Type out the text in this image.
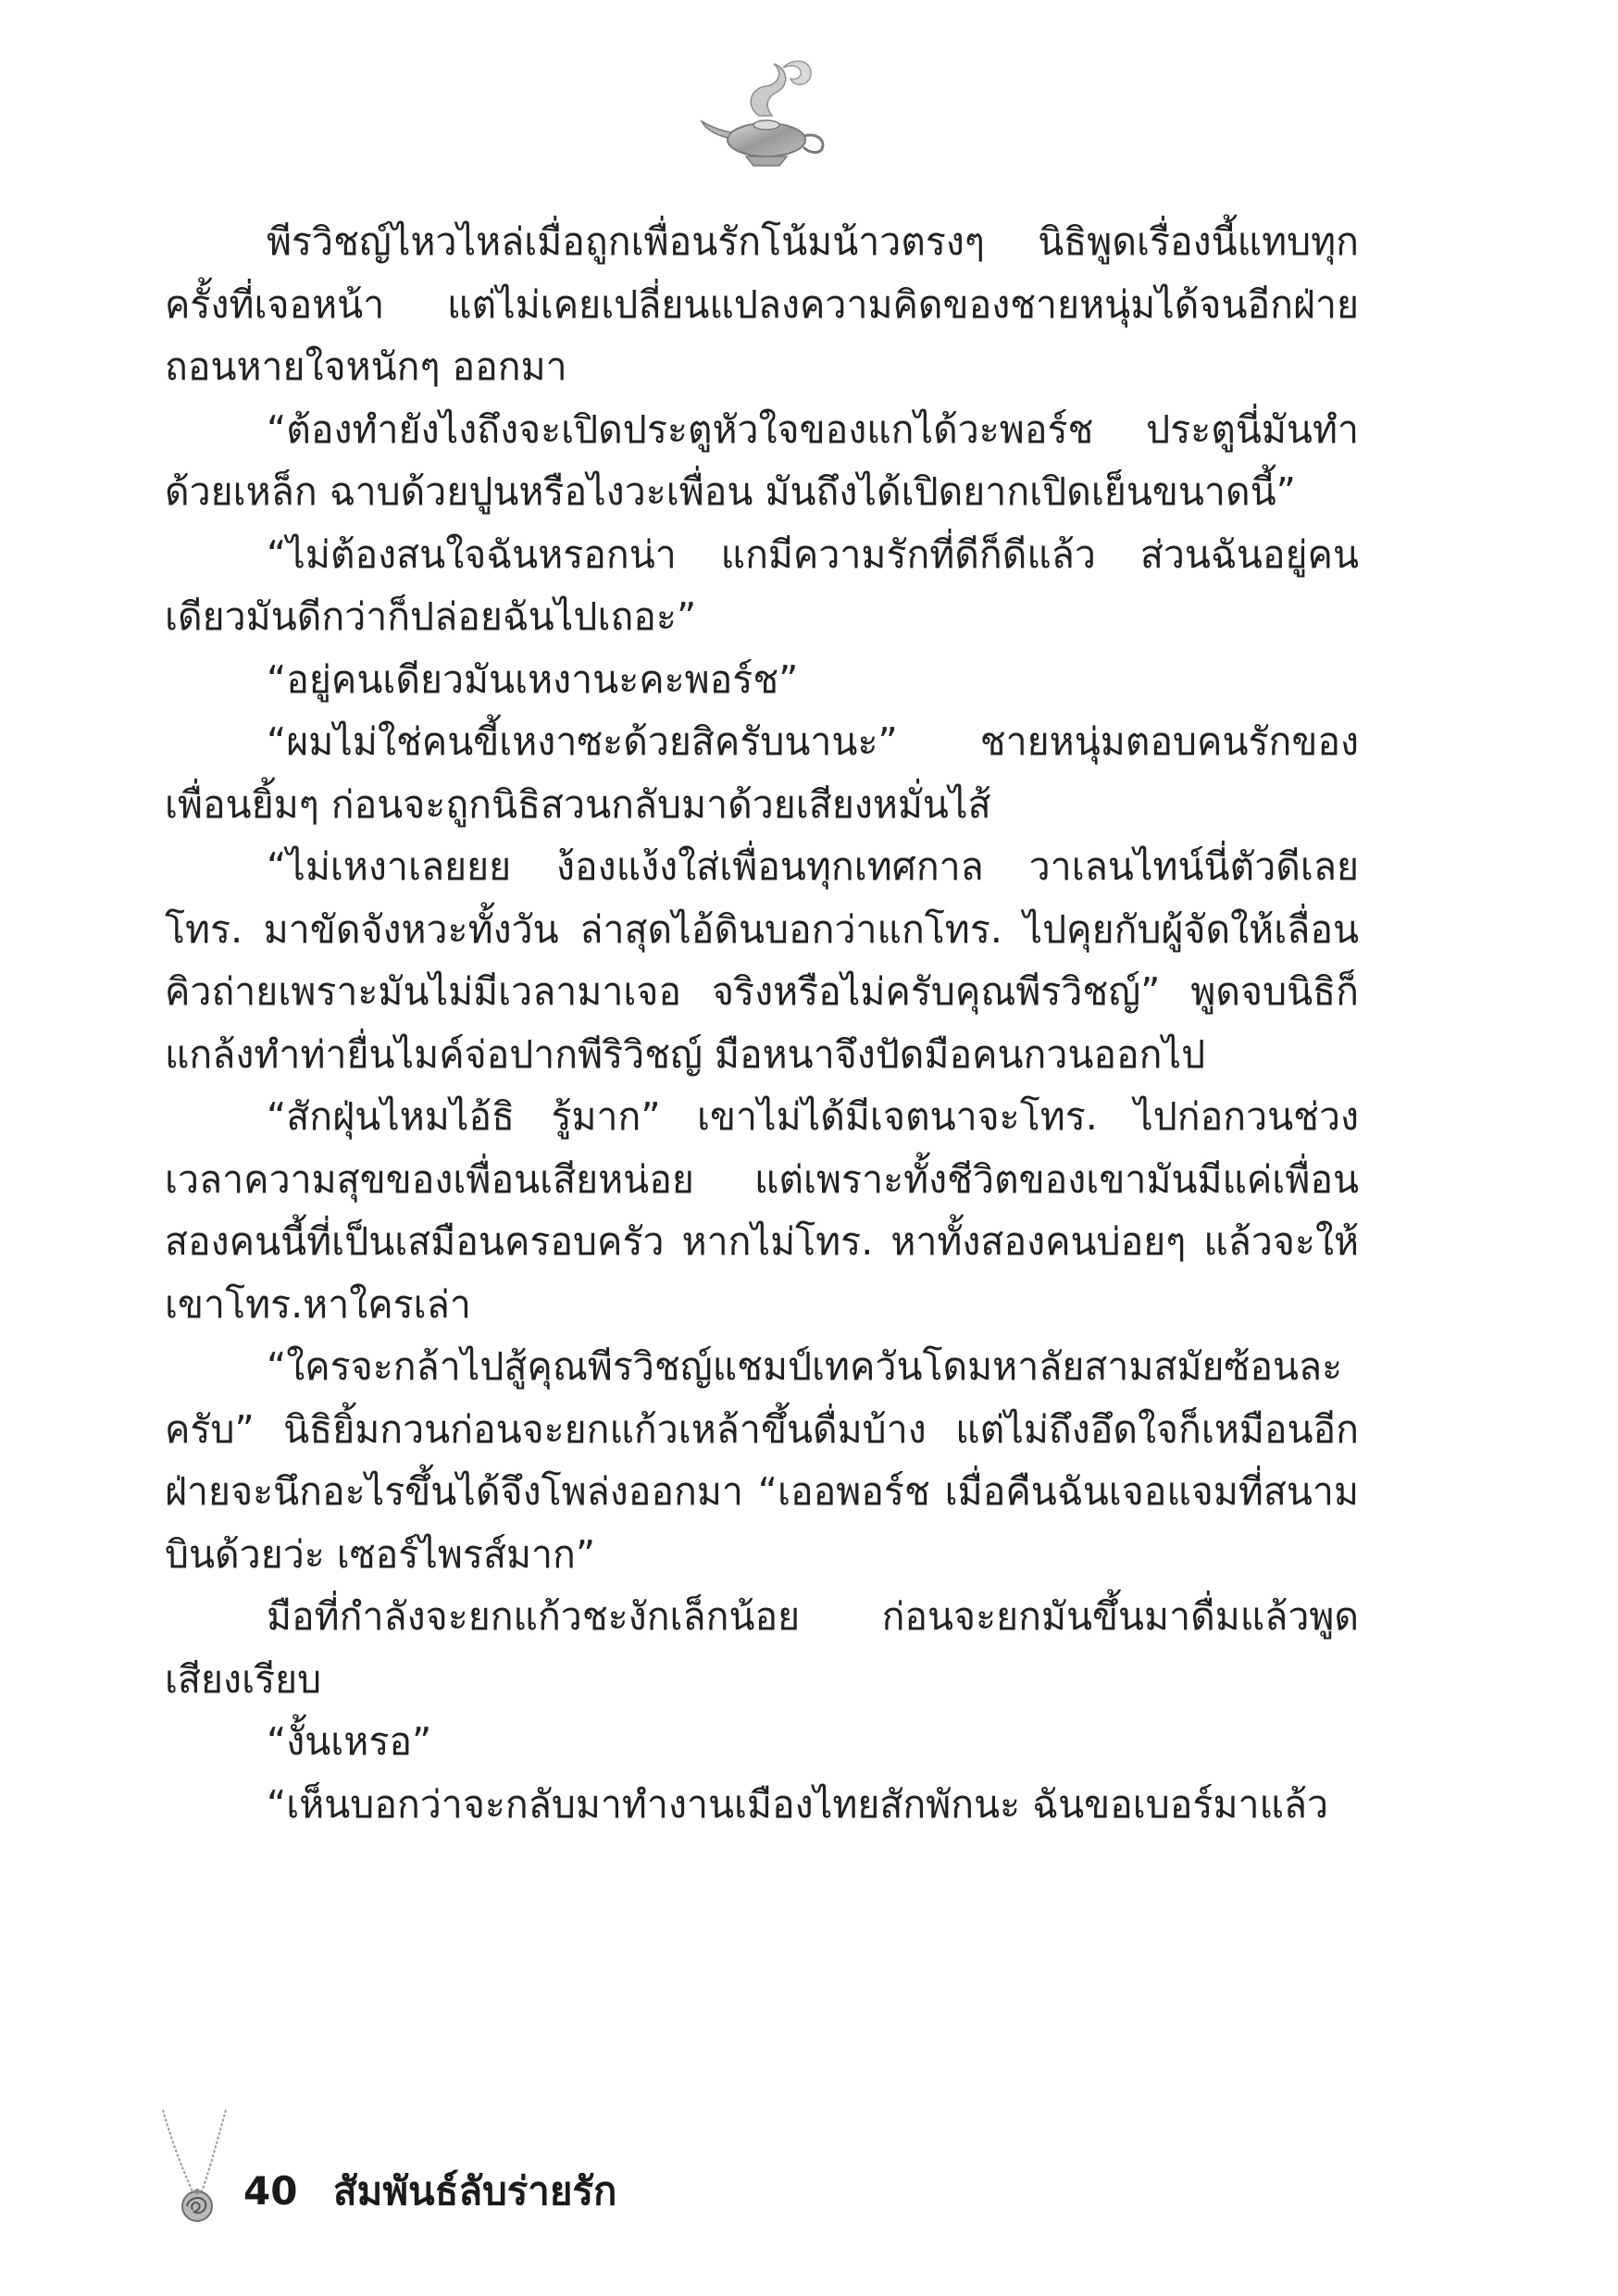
พีรวิชญ์ไหวไหล่เมื่อถูกเพื่อนรักโน้มน้าวตรงๆ นิธิพูดเรื่องนี้แทบทุกครั้งที่เจอหน้า แต่ไม่เคยเปลี่ยนแปลงความคิดของชายหนุ่มได้จนอีกฝ่ายถอนหายใจหนักๆ ออกมา

“ต้องทำยังไงถึงจะเปิดประตูหัวใจของแกได้วะพอร์ช ประตูนี่มันทำด้วยเหล็ก ฉาบด้วยปูนหรือไงวะเพื่อน มันถึงได้เปิดยากเปิดเย็นขนาดนี้”

“ไม่ต้องสนใจฉันหรอกน่า แกมีความรักที่ดีก็ดีแล้ว ส่วนฉันอยู่คนเดียวมันดีกว่าก็ปล่อยฉันไปเถอะ”

“อยู่คนเดียวมันเหงานะคะพอร์ช”

“ผมไม่ใช่คนขี้เหงาซะด้วยสิครับนานะ” ชายหนุ่มตอบคนรักของเพื่อนยิ้มๆ ก่อนจะถูกนิธิสวนกลับมาด้วยเสียงหมั่นไส้

“ไม่เหงาเลยยย ง้องแง้งใส่เพื่อนทุกเทศกาล วาเลนไทน์นี่ตัวดีเลยโทร. มาขัดจังหวะทั้งวัน ล่าสุดไอ้ดินบอกว่าแกโทร. ไปคุยกับผู้จัดให้เลื่อนคิวถ่ายเพราะมันไม่มีเวลามาเจอ จริงหรือไม่ครับคุณพีรวิชญ์” พูดจบนิธิก็แกล้งทำท่ายื่นไมค์จ่อปากพีริวิชญ์ มือหนาจึงปัดมือคนกวนออกไป

“สักฝุ่นไหมไอ้ธิ รู้มาก” เขาไม่ได้มีเจตนาจะโทร. ไปก่อกวนช่วงเวลาความสุขของเพื่อนเสียหน่อย แต่เพราะทั้งชีวิตของเขามันมีแค่เพื่อนสองคนนี้ที่เป็นเสมือนครอบครัว หากไม่โทร. หาทั้งสองคนบ่อยๆ แล้วจะให้เขาโทร.หาใครเล่า

“ใครจะกล้าไปสู้คุณพีรวิชญ์แชมป์เทควันโดมหาลัยสามสมัยซ้อนละครับ” นิธิยิ้มกวนก่อนจะยกแก้วเหล้าขึ้นดื่มบ้าง แต่ไม่ถึงอึดใจก็เหมือนอีกฝ่ายจะนึกอะไรขึ้นได้จึงโพล่งออกมา “เออพอร์ช เมื่อคืนฉันเจอแจมที่สนามบินด้วยว่ะ เซอร์ไพรส์มาก”

มือที่กำลังจะยกแก้วชะงักเล็กน้อย ก่อนจะยกมันขึ้นมาดื่มแล้วพูดเสียงเรียบ

“งั้นเหรอ”

“เห็นบอกว่าจะกลับมาทำงานเมืองไทยสักพักนะ ฉันขอเบอร์มาแล้ว

40 สัมพันธ์ลับร่ายรัก
